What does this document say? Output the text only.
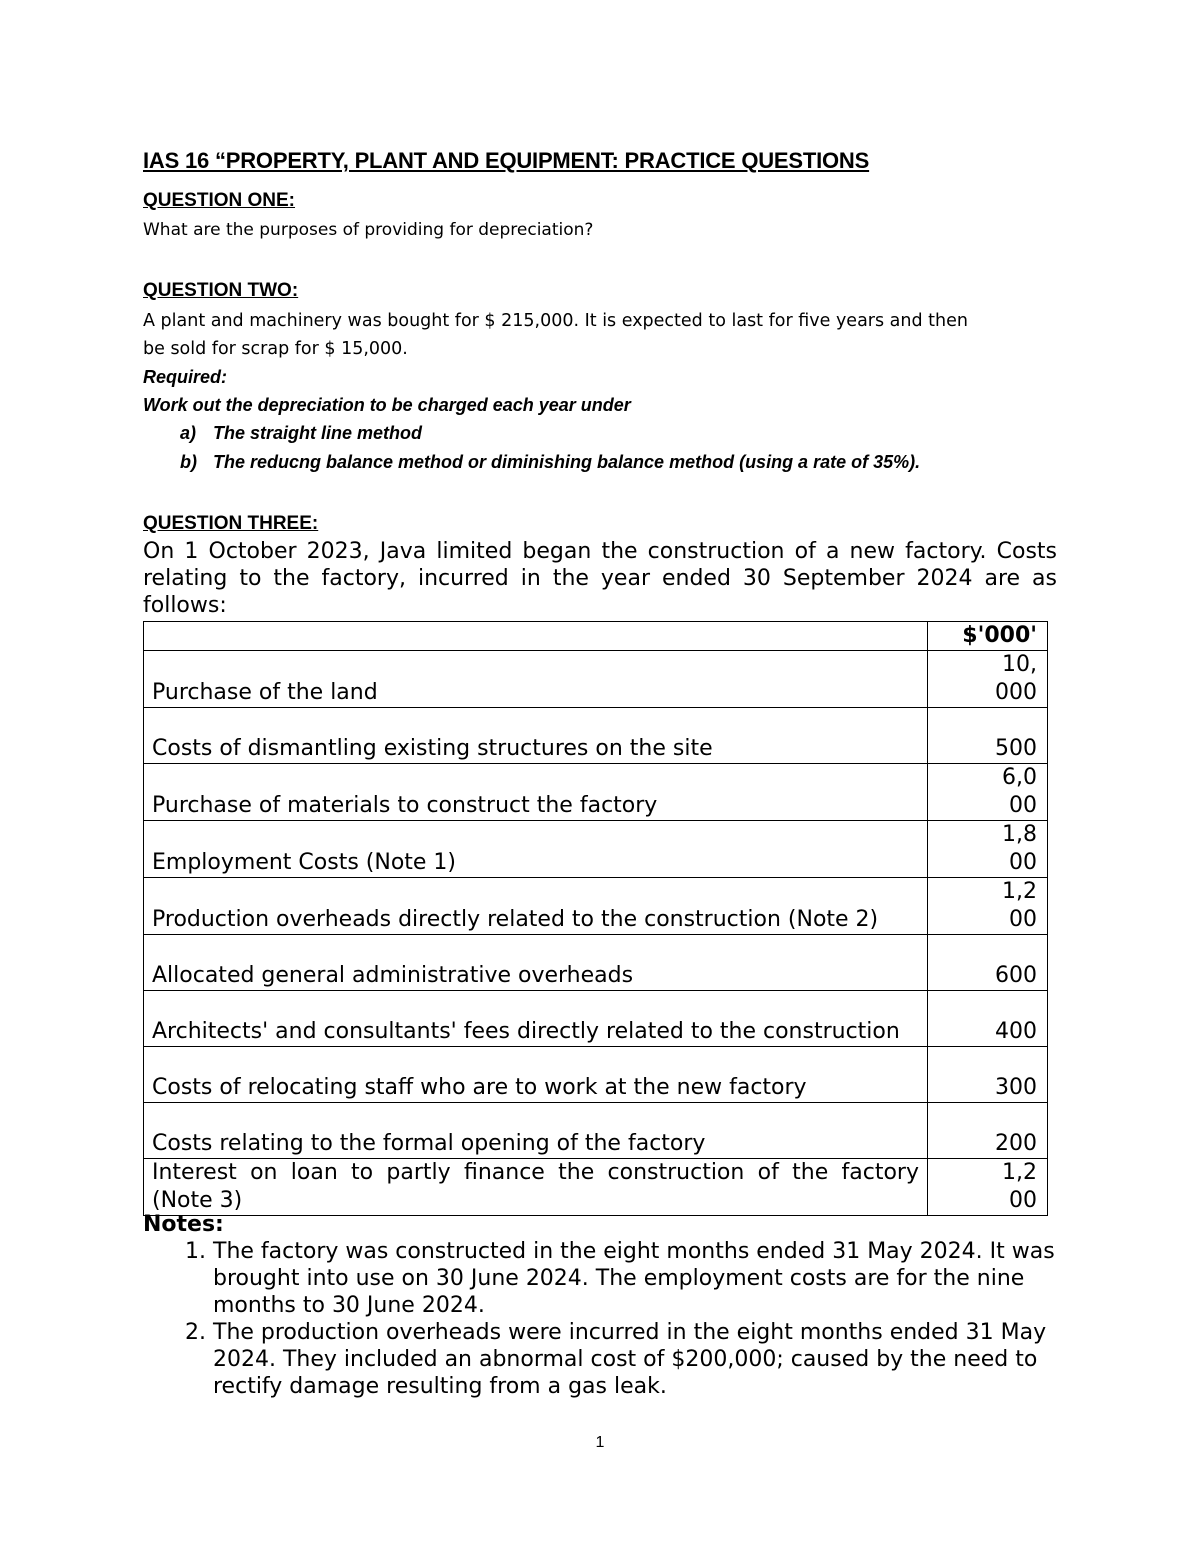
IAS 16 “PROPERTY, PLANT AND EQUIPMENT: PRACTICE QUESTIONS
QUESTION ONE:
What are the purposes of providing for depreciation?
QUESTION TWO:
A plant and machinery was bought for $ 215,000. It is expected to last for five years and then
be sold for scrap for $ 15,000.
Required:
Work out the depreciation to be charged each year under
a) The straight line method
b) The reducng balance method or diminishing balance method (using a rate of 35%).
QUESTION THREE:
On 1 October 2023, Java limited began the construction of a new factory. Costs relating to the factory, incurred in the year ended 30 September 2024 are as follows:
	$'000'
Purchase of the land	10,000
Costs of dismantling existing structures on the site	500
Purchase of materials to construct the factory	6,000
Employment Costs (Note 1)	1,800
Production overheads directly related to the construction (Note 2)	1,200
Allocated general administrative overheads	600
Architects' and consultants' fees directly related to the construction	400
Costs of relocating staff who are to work at the new factory	300
Costs relating to the formal opening of the factory	200
Interest on loan to partly finance the construction of the factory (Note 3)	1,200
Notes:
1. The factory was constructed in the eight months ended 31 May 2024. It was brought into use on 30 June 2024. The employment costs are for the nine months to 30 June 2024.
2. The production overheads were incurred in the eight months ended 31 May 2024. They included an abnormal cost of $200,000; caused by the need to rectify damage resulting from a gas leak.
1
